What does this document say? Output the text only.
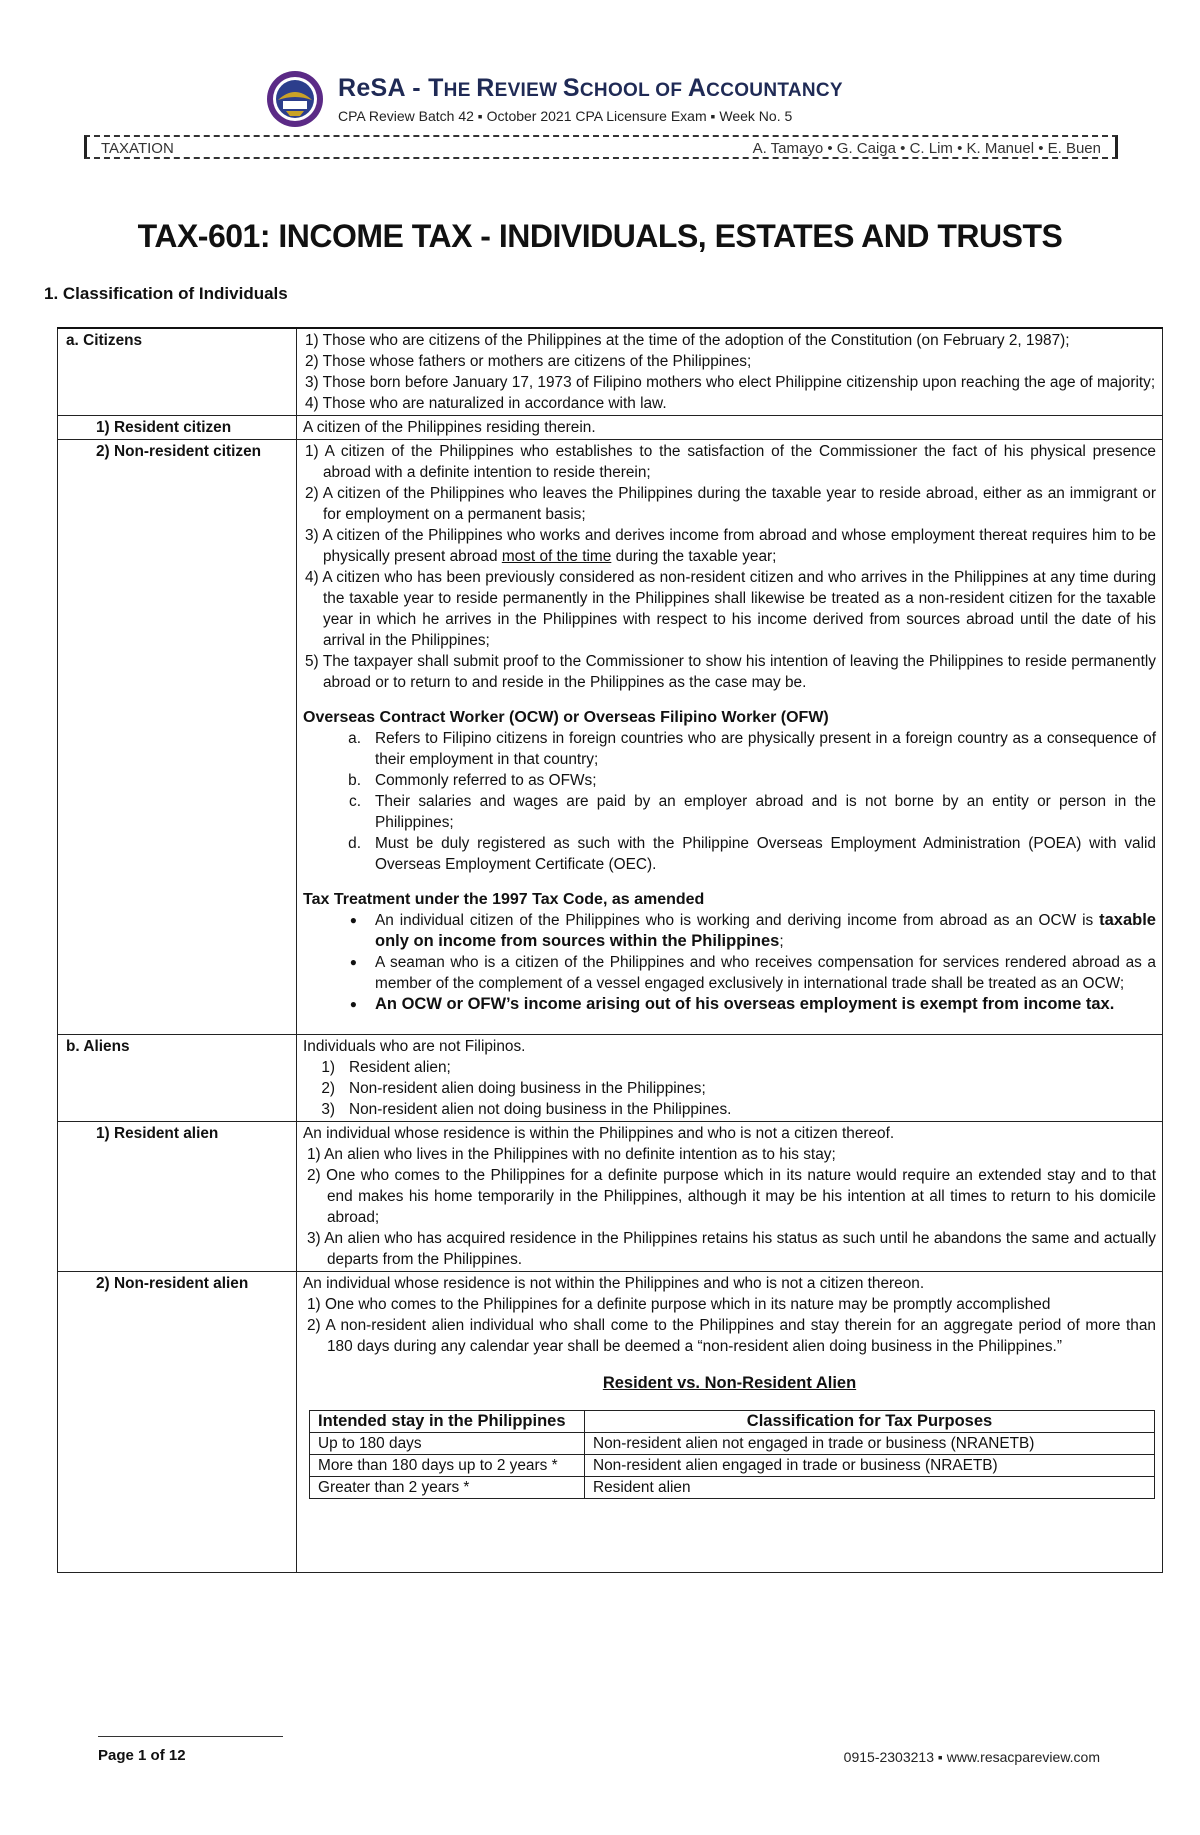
ReSA - THE REVIEW SCHOOL OF ACCOUNTANCY
CPA Review Batch 42 ▪ October 2021 CPA Licensure Exam ▪ Week No. 5
TAXATION	A. Tamayo • G. Caiga • C. Lim • K. Manuel • E. Buen
TAX-601: INCOME TAX - INDIVIDUALS, ESTATES AND TRUSTS
1. Classification of Individuals
a. Citizens	1) Those who are citizens of the Philippines at the time of the adoption of the Constitution (on February 2, 1987);

2) Those whose fathers or mothers are citizens of the Philippines;

3) Those born before January 17, 1973 of Filipino mothers who elect Philippine citizenship upon reaching the age of majority;

4) Those who are naturalized in accordance with law.

1) Resident citizen	A citizen of the Philippines residing therein.
2) Non-resident citizen	1) A citizen of the Philippines who establishes to the satisfaction of the Commissioner the fact of his physical presence abroad with a definite intention to reside therein;

2) A citizen of the Philippines who leaves the Philippines during the taxable year to reside abroad, either as an immigrant or for employment on a permanent basis;

3) A citizen of the Philippines who works and derives income from abroad and whose employment thereat requires him to be physically present abroad most of the time during the taxable year;

4) A citizen who has been previously considered as non-resident citizen and who arrives in the Philippines at any time during the taxable year to reside permanently in the Philippines shall likewise be treated as a non-resident citizen for the taxable year in which he arrives in the Philippines with respect to his income derived from sources abroad until the date of his arrival in the Philippines;

5) The taxpayer shall submit proof to the Commissioner to show his intention of leaving the Philippines to reside permanently abroad or to return to and reside in the Philippines as the case may be.

Overseas Contract Worker (OCW) or Overseas Filipino Worker (OFW)
a. Refers to Filipino citizens in foreign countries who are physically present in a foreign country as a consequence of their employment in that country;
b. Commonly referred to as OFWs;
c. Their salaries and wages are paid by an employer abroad and is not borne by an entity or person in the Philippines;
d. Must be duly registered as such with the Philippine Overseas Employment Administration (POEA) with valid Overseas Employment Certificate (OEC).
Tax Treatment under the 1997 Tax Code, as amended
●	An individual citizen of the Philippines who is working and deriving income from abroad as an OCW is taxable only on income from sources within the Philippines;
●	A seaman who is a citizen of the Philippines and who receives compensation for services rendered abroad as a member of the complement of a vessel engaged exclusively in international trade shall be treated as an OCW;
●	An OCW or OFW’s income arising out of his overseas employment is exempt from income tax.

b. Aliens	Individuals who are not Filipinos.
1) Resident alien;
2) Non-resident alien doing business in the Philippines;
3) Non-resident alien not doing business in the Philippines.

1) Resident alien	An individual whose residence is within the Philippines and who is not a citizen thereof.

1) An alien who lives in the Philippines with no definite intention as to his stay;

2) One who comes to the Philippines for a definite purpose which in its nature would require an extended stay and to that end makes his home temporarily in the Philippines, although it may be his intention at all times to return to his domicile abroad;

3) An alien who has acquired residence in the Philippines retains his status as such until he abandons the same and actually departs from the Philippines.

2) Non-resident alien	An individual whose residence is not within the Philippines and who is not a citizen thereon.

1) One who comes to the Philippines for a definite purpose which in its nature may be promptly accomplished

2) A non-resident alien individual who shall come to the Philippines and stay therein for an aggregate period of more than 180 days during any calendar year shall be deemed a “non-resident alien doing business in the Philippines.”

Resident vs. Non-Resident Alien
Intended stay in the Philippines	Classification for Tax Purposes
Up to 180 days	Non-resident alien not engaged in trade or business (NRANETB)
More than 180 days up to 2 years *	Non-resident alien engaged in trade or business (NRAETB)
Greater than 2 years *	Resident alien
Page 1 of 12	0915-2303213 ▪ www.resacpareview.com
